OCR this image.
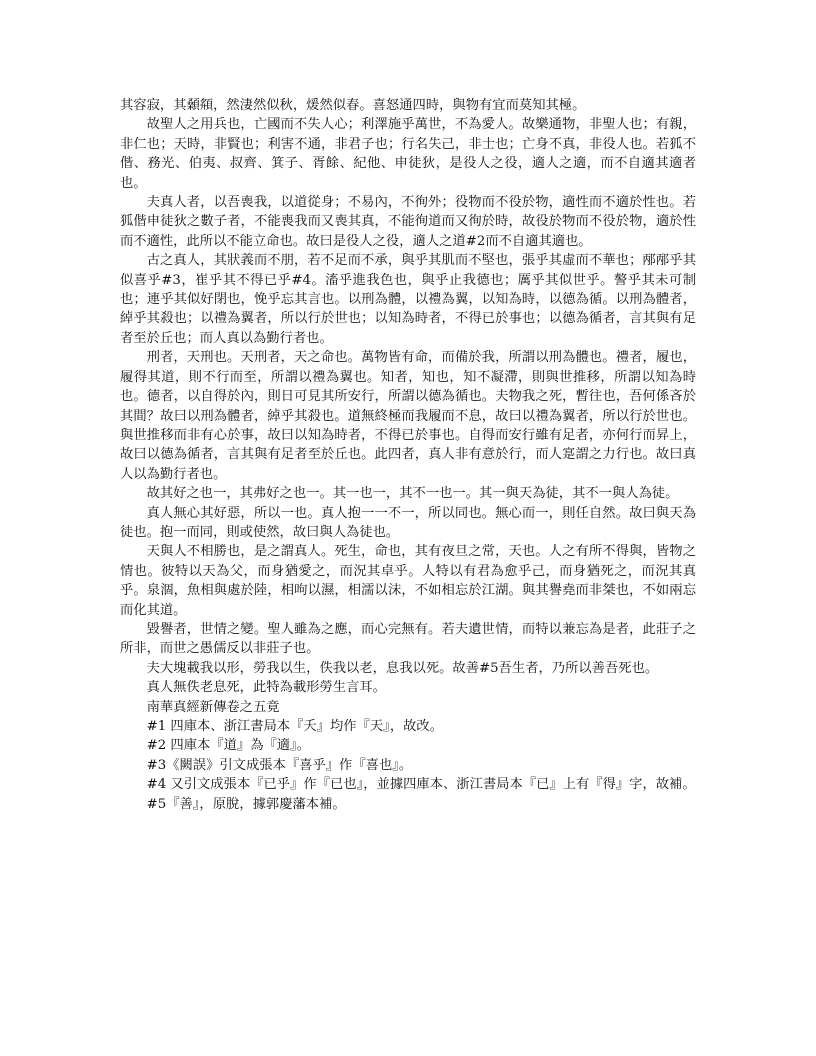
其容寂，其顙頯，然淒然似秋，煖然似春。喜怒通四時，與物有宜而莫知其極。

故聖人之用兵也，亡國而不失人心；利澤施乎萬世，不為愛人。故樂通物，非聖人也；有親，非仁也；天時，非賢也；利害不通，非君子也；行名失己，非士也；亡身不真，非役人也。若狐不偕、務光、伯夷、叔齊、箕子、胥餘、紀他、申徒狄，是役人之役，適人之適，而不自適其適者也。

夫真人者，以吾喪我，以道從身；不易內，不徇外；役物而不役於物，適性而不適於性也。若狐偕申徒狄之數子者，不能喪我而又喪其真，不能徇道而又徇於時，故役於物而不役於物，適於性而不適性，此所以不能立命也。故曰是役人之役，適人之道#2而不自適其適也。

古之真人，其狀義而不朋，若不足而不承，與乎其肌而不堅也，張乎其虛而不華也；邴邴乎其似喜乎#3，崔乎其不得已乎#4。滀乎進我色也，與乎止我德也；厲乎其似世乎。謷乎其未可制也；連乎其似好閉也，悗乎忘其言也。以刑為體，以禮為翼，以知為時，以德為循。以刑為體者，綽乎其殺也；以禮為翼者，所以行於世也；以知為時者，不得已於事也；以德為循者，言其與有足者至於丘也；而人真以為勤行者也。

刑者，天刑也。天刑者，天之命也。萬物皆有命，而備於我，所謂以刑為體也。禮者，履也，履得其道，則不行而至，所謂以禮為翼也。知者，知也，知不凝滯，則與世推移，所謂以知為時也。德者，以自得於內，則日可見其所安行，所謂以德為循也。夫物我之死，暫往也，吾何係吝於其間？故曰以刑為體者，綽乎其殺也。道無終極而我履而不息，故曰以禮為翼者，所以行於世也。與世推移而非有心於事，故曰以知為時者，不得已於事也。自得而安行雖有足者，亦何行而昇上，故曰以德為循者，言其與有足者至於丘也。此四者，真人非有意於行，而人寔謂之力行也。故曰真人以為勤行者也。

故其好之也一，其弗好之也一。其一也一，其不一也一。其一與天為徒，其不一與人為徒。

真人無心其好惡，所以一也。真人抱一一不一，所以同也。無心而一，則任自然。故曰與天為徒也。抱一而同，則或使然，故曰與人為徒也。

天與人不相勝也，是之謂真人。死生，命也，其有夜旦之常，天也。人之有所不得與，皆物之情也。彼特以天為父，而身猶愛之，而況其卓乎。人特以有君為愈乎己，而身猶死之，而況其真乎。泉涸，魚相與處於陸，相呴以濕，相濡以沫，不如相忘於江湖。與其譽堯而非桀也，不如兩忘而化其道。

毀譽者，世情之變。聖人雖為之應，而心完無有。若夫遺世情，而特以兼忘為是者，此莊子之所非，而世之愚儒反以非莊子也。

夫大塊載我以形，勞我以生，佚我以老，息我以死。故善#5吾生者，乃所以善吾死也。

真人無佚老息死，此特為載形勞生言耳。

南華真經新傳卷之五竟

#1 四庫本、浙江書局本『夭』均作『天』，故改。

#2 四庫本『道』為『適』。

#3《闕誤》引文成張本『喜乎』作『喜也』。

#4 又引文成張本『已乎』作『已也』，並據四庫本、浙江書局本『已』上有『得』字，故補。

#5『善』，原脫，據郭慶藩本補。
